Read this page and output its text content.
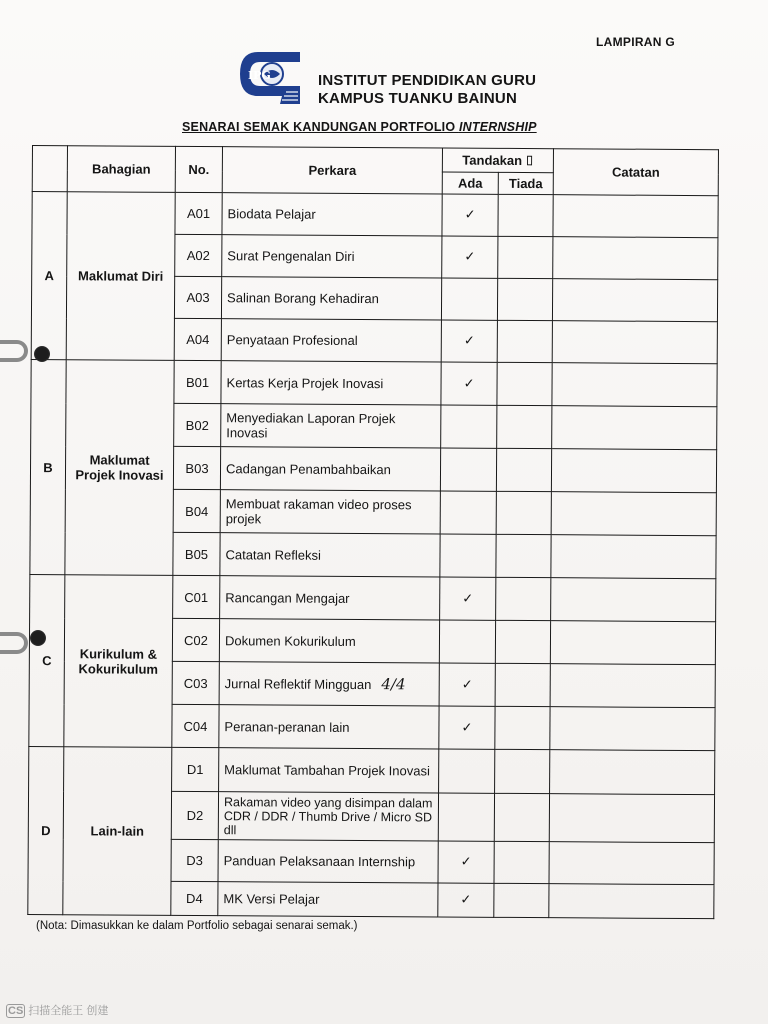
LAMPIRAN G
IPG	INSTITUT PENDIDIKAN GURU
KAMPUS TUANKU BAINUN
SENARAI SEMAK KANDUNGAN PORTFOLIO INTERNSHIP
	Bahagian	No.	Perkara	Tandakan ⌷		Catatan
				Ada	Tiada	
A	Maklumat Diri	A01	Biodata Pelajar	✓		
		A02	Surat Pengenalan Diri	✓		
		A03	Salinan Borang Kehadiran			
		A04	Penyataan Profesional	✓		
B	Maklumat Projek Inovasi	B01	Kertas Kerja Projek Inovasi	✓		
		B02	Menyediakan Laporan Projek Inovasi			
		B03	Cadangan Penambahbaikan			
		B04	Membuat rakaman video proses projek			
		B05	Catatan Refleksi			
C	Kurikulum & Kokurikulum	C01	Rancangan Mengajar	✓		
		C02	Dokumen Kokurikulum			
		C03	Jurnal Reflektif Mingguan 4/4	✓		
		C04	Peranan-peranan lain	✓		
D	Lain-lain	D1	Maklumat Tambahan Projek Inovasi			
		D2	Rakaman video yang disimpan dalam CDR / DDR / Thumb Drive / Micro SD dll			
		D3	Panduan Pelaksanaan Internship	✓		
		D4	MK Versi Pelajar	✓		
(Nota: Dimasukkan ke dalam Portfolio sebagai senarai semak.)
CS 扫描全能王 创建
